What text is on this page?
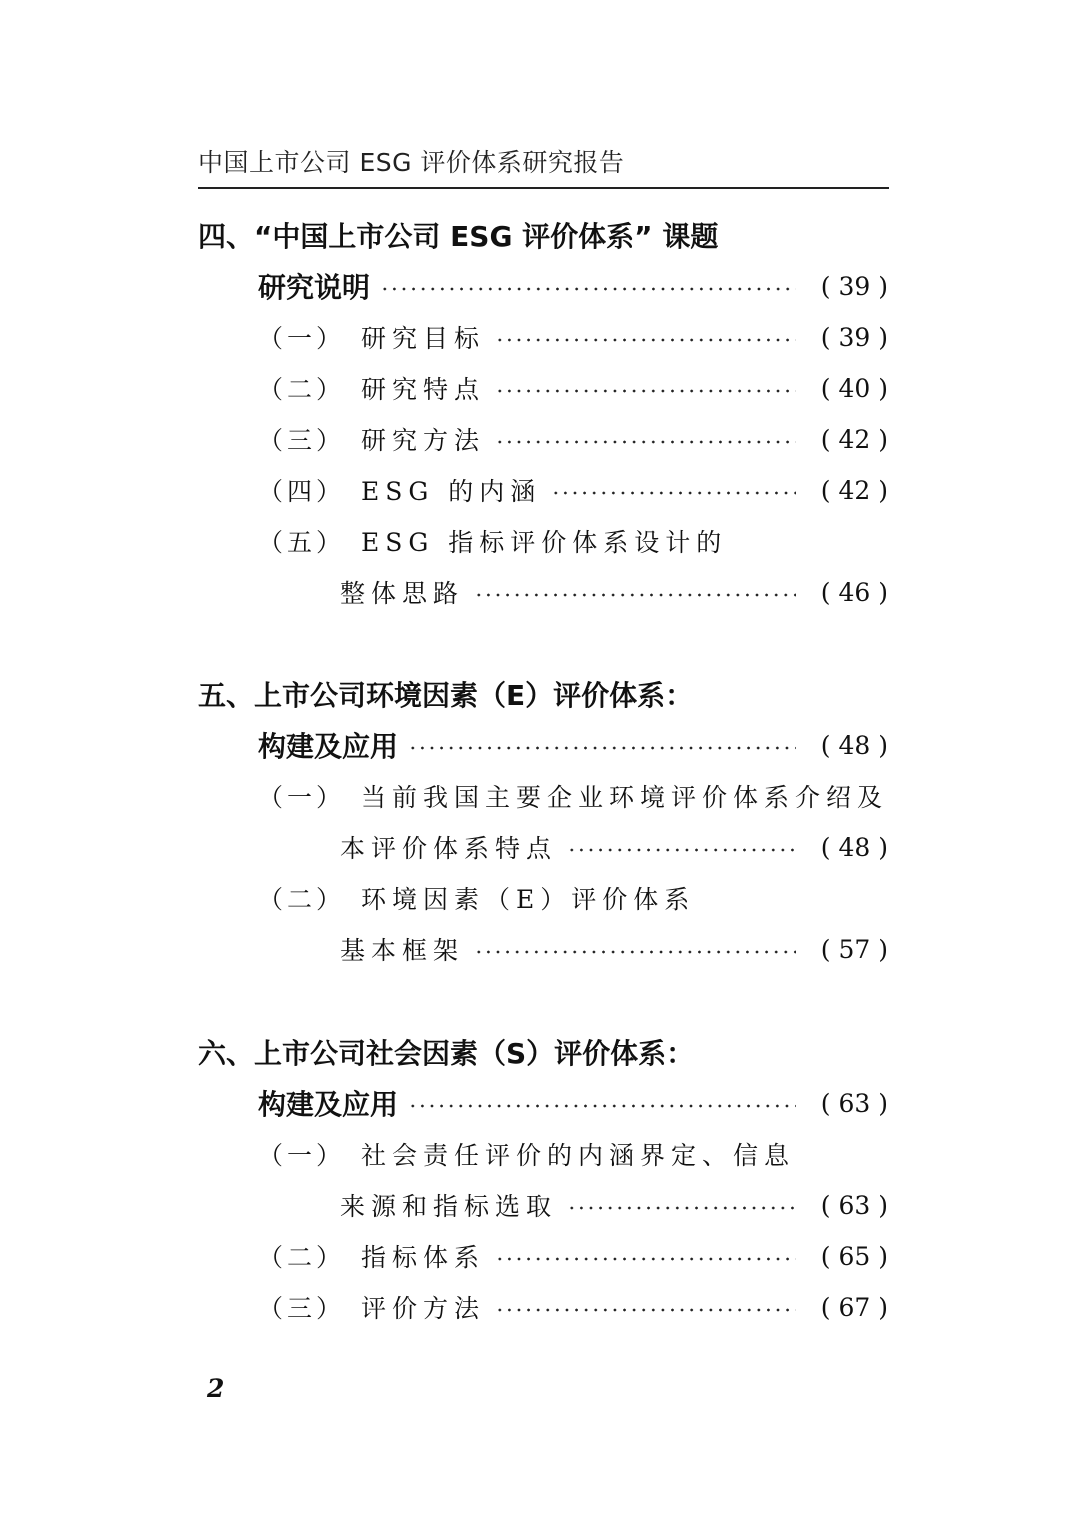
中国上市公司 ESG 评价体系研究报告
四、“中国上市公司 ESG 评价体系” 课题
研究说明	( 39 )
（一） 研究目标	( 39 )
（二） 研究特点	( 40 )
（三） 研究方法	( 42 )
（四） ESG 的内涵	( 42 )
（五） ESG 指标评价体系设计的
整体思路	( 46 )
五、上市公司环境因素（E）评价体系：
构建及应用	( 48 )
（一） 当前我国主要企业环境评价体系介绍及
本评价体系特点	( 48 )
（二） 环境因素（E）评价体系
基本框架	( 57 )
六、上市公司社会因素（S）评价体系：
构建及应用	( 63 )
（一） 社会责任评价的内涵界定、信息
来源和指标选取	( 63 )
（二） 指标体系	( 65 )
（三） 评价方法	( 67 )
2
